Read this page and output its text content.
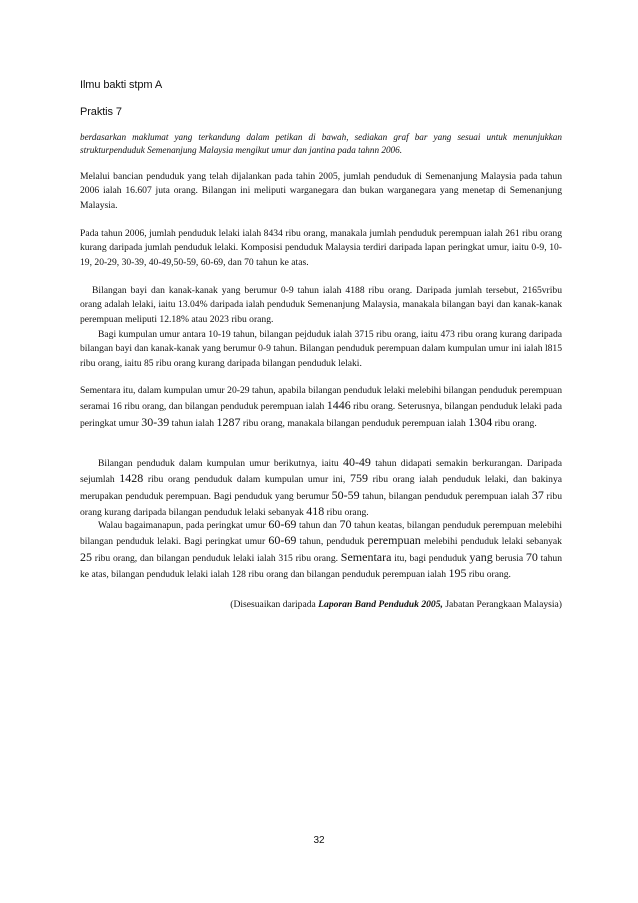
Ilmu bakti stpm A
Praktis 7

berdasarkan maklumat yang terkandung dalam petikan di bawah, sediakan graf bar yang sesuai untuk menunjukkan strukturpenduduk Semenanjung Malaysia mengikut umur dan jantina pada tahnn 2006.

Melalui bancian penduduk yang telah dijalankan pada tahin 2005, jumlah penduduk di Semenanjung Malaysia pada tahun 2006 ialah 16.607 juta orang. Bilangan ini meliputi warganegara dan bukan warganegara yang menetap di Semenanjung Malaysia.

Pada tahun 2006, jumlah penduduk lelaki ialah 8434 ribu orang, manakala jumlah penduduk perempuan ialah 261 ribu orang kurang daripada jumlah penduduk lelaki. Komposisi penduduk Malaysia terdiri daripada lapan peringkat umur, iaitu 0-9, 10-19, 20-29, 30-39, 40-49,50-59, 60-69, dan 70 tahun ke atas.

Bilangan bayi dan kanak-kanak yang berumur 0-9 tahun ialah 4188 ribu orang. Daripada jumlah tersebut, 2165vribu orang adalah lelaki, iaitu 13.04% daripada ialah penduduk Semenanjung Malaysia, manakala bilangan bayi dan kanak-kanak perempuan meliputi 12.18% atau 2023 ribu orang.

Bagi kumpulan umur antara 10-19 tahun, bilangan pejduduk ialah 3715 ribu orang, iaitu 473 ribu orang kurang daripada bilangan bayi dan kanak-kanak yang berumur 0-9 tahun. Bilangan penduduk perempuan dalam kumpulan umur ini ialah l815 ribu orang, iaitu 85 ribu orang kurang daripada bilangan penduduk lelaki.

Sementara itu, dalam kumpulan umur 20-29 tahun, apabila bilangan penduduk lelaki melebihi bilangan penduduk perempuan seramai 16 ribu orang, dan bilangan penduduk perempuan ialah 1446 ribu orang. Seterusnya, bilangan penduduk lelaki pada peringkat umur 30-39 tahun ialah 1287 ribu orang, manakala bilangan penduduk perempuan ialah 1304 ribu orang.

Bilangan penduduk dalam kumpulan umur berikutnya, iaitu 40-49 tahun didapati semakin berkurangan. Daripada sejumlah 1428 ribu orang penduduk dalam kumpulan umur ini, 759 ribu orang ialah penduduk lelaki, dan bakinya merupakan penduduk perempuan. Bagi penduduk yang berumur 50-59 tahun, bilangan penduduk perempuan ialah 37 ribu orang kurang daripada bilangan penduduk lelaki sebanyak 418 ribu orang.

Walau bagaimanapun, pada peringkat umur 60-69 tahun dan 70 tahun keatas, bilangan penduduk perempuan melebihi bilangan penduduk lelaki. Bagi peringkat umur 60-69 tahun, penduduk perempuan melebihi penduduk lelaki sebanyak 25 ribu orang, dan bilangan penduduk lelaki ialah 315 ribu orang. Sementara itu, bagi penduduk yang berusia 70 tahun ke atas, bilangan penduduk lelaki ialah 128 ribu orang dan bilangan penduduk perempuan ialah 195 ribu orang.

(Disesuaikan daripada Laporan Band Penduduk 2005, Jabatan Perangkaan Malaysia)
32
